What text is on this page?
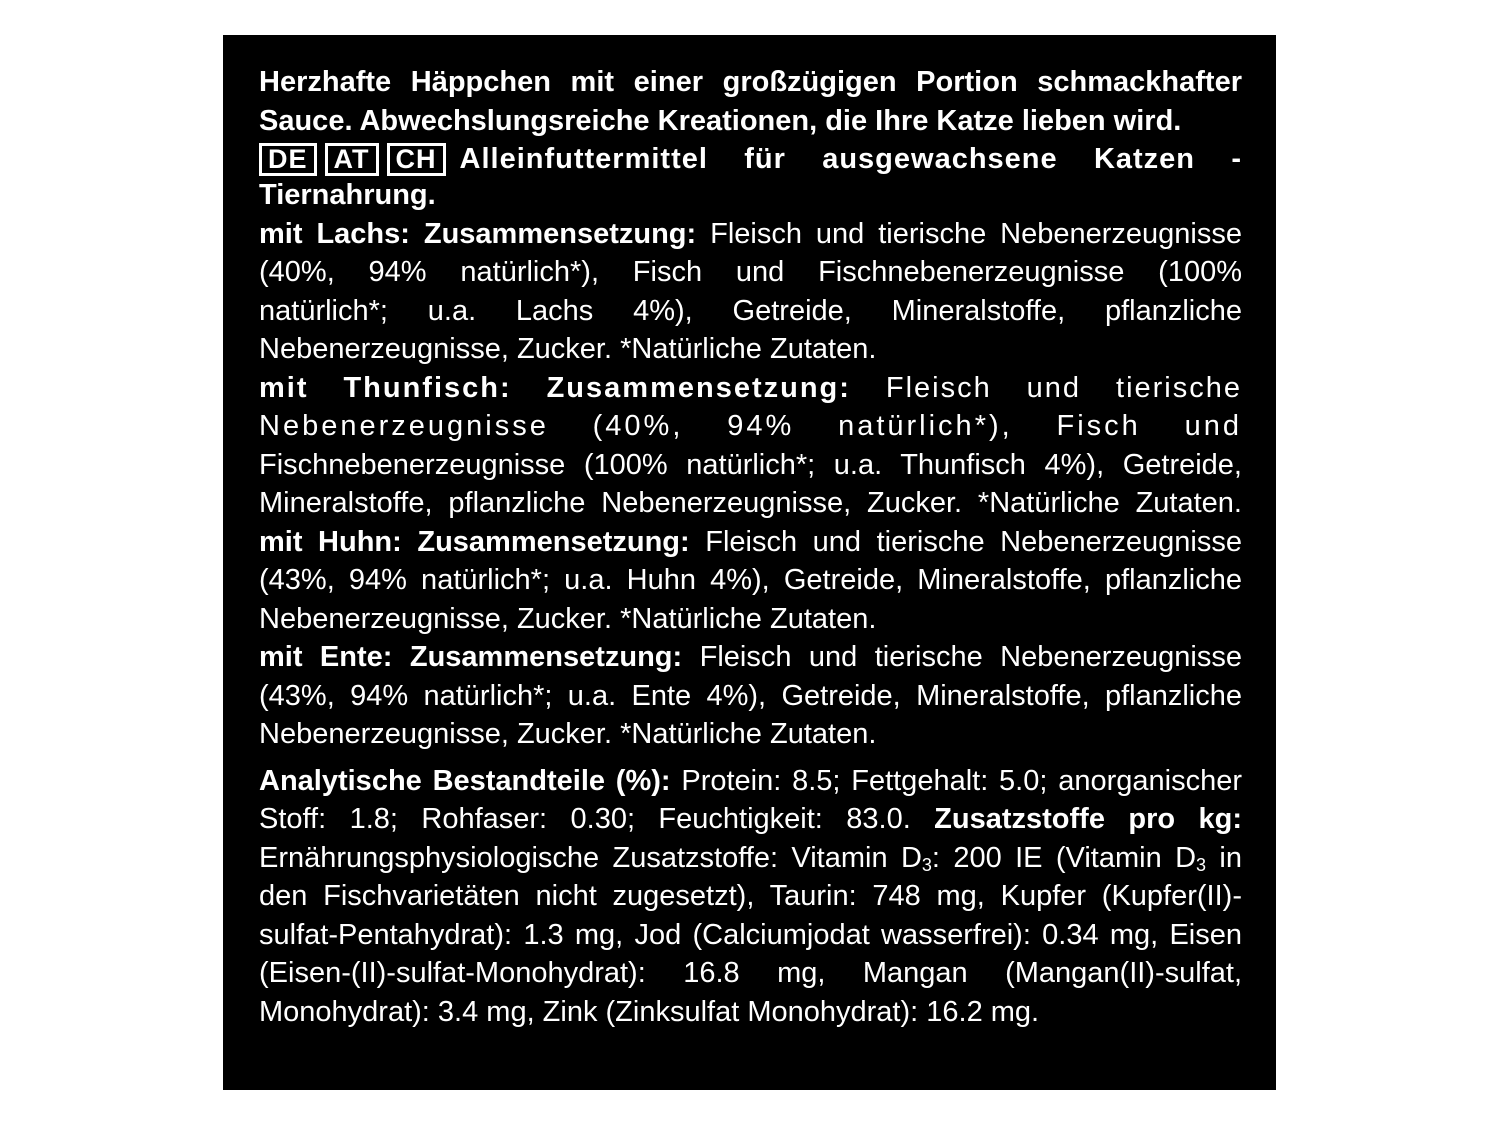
Herzhafte Häppchen mit einer großzügigen Portion schmackhafter
Sauce. Abwechslungsreiche Kreationen, die Ihre Katze lieben wird.
DE AT CH Alleinfuttermittel für ausgewachsene Katzen -
Tiernahrung.
mit Lachs: Zusammensetzung: Fleisch und tierische Nebenerzeugnisse
(40%, 94% natürlich*), Fisch und Fischnebenerzeugnisse (100%
natürlich*; u.a. Lachs 4%), Getreide, Mineralstoffe, pflanzliche
Nebenerzeugnisse, Zucker. *Natürliche Zutaten.
mit Thunfisch: Zusammensetzung: Fleisch und tierische
Nebenerzeugnisse (40%, 94% natürlich*), Fisch und
Fischnebenerzeugnisse (100% natürlich*; u.a. Thunfisch 4%), Getreide,
Mineralstoffe, pflanzliche Nebenerzeugnisse, Zucker. *Natürliche Zutaten.
mit Huhn: Zusammensetzung: Fleisch und tierische Nebenerzeugnisse
(43%, 94% natürlich*; u.a. Huhn 4%), Getreide, Mineralstoffe, pflanzliche
Nebenerzeugnisse, Zucker. *Natürliche Zutaten.
mit Ente: Zusammensetzung: Fleisch und tierische Nebenerzeugnisse
(43%, 94% natürlich*; u.a. Ente 4%), Getreide, Mineralstoffe, pflanzliche
Nebenerzeugnisse, Zucker. *Natürliche Zutaten.
Analytische Bestandteile (%): Protein: 8.5; Fettgehalt: 5.0; anorganischer
Stoff: 1.8; Rohfaser: 0.30; Feuchtigkeit: 83.0. Zusatzstoffe pro kg:
Ernährungsphysiologische Zusatzstoffe: Vitamin $D_3$: 200 IE (Vitamin $D_3$ in
den Fischvarietäten nicht zugesetzt), Taurin: 748 mg, Kupfer (Kupfer(II)-
sulfat-Pentahydrat): 1.3 mg, Jod (Calciumjodat wasserfrei): 0.34 mg, Eisen
(Eisen-(II)-sulfat-Monohydrat): 16.8 mg, Mangan (Mangan(II)-sulfat,
Monohydrat): 3.4 mg, Zink (Zinksulfat Monohydrat): 16.2 mg.
